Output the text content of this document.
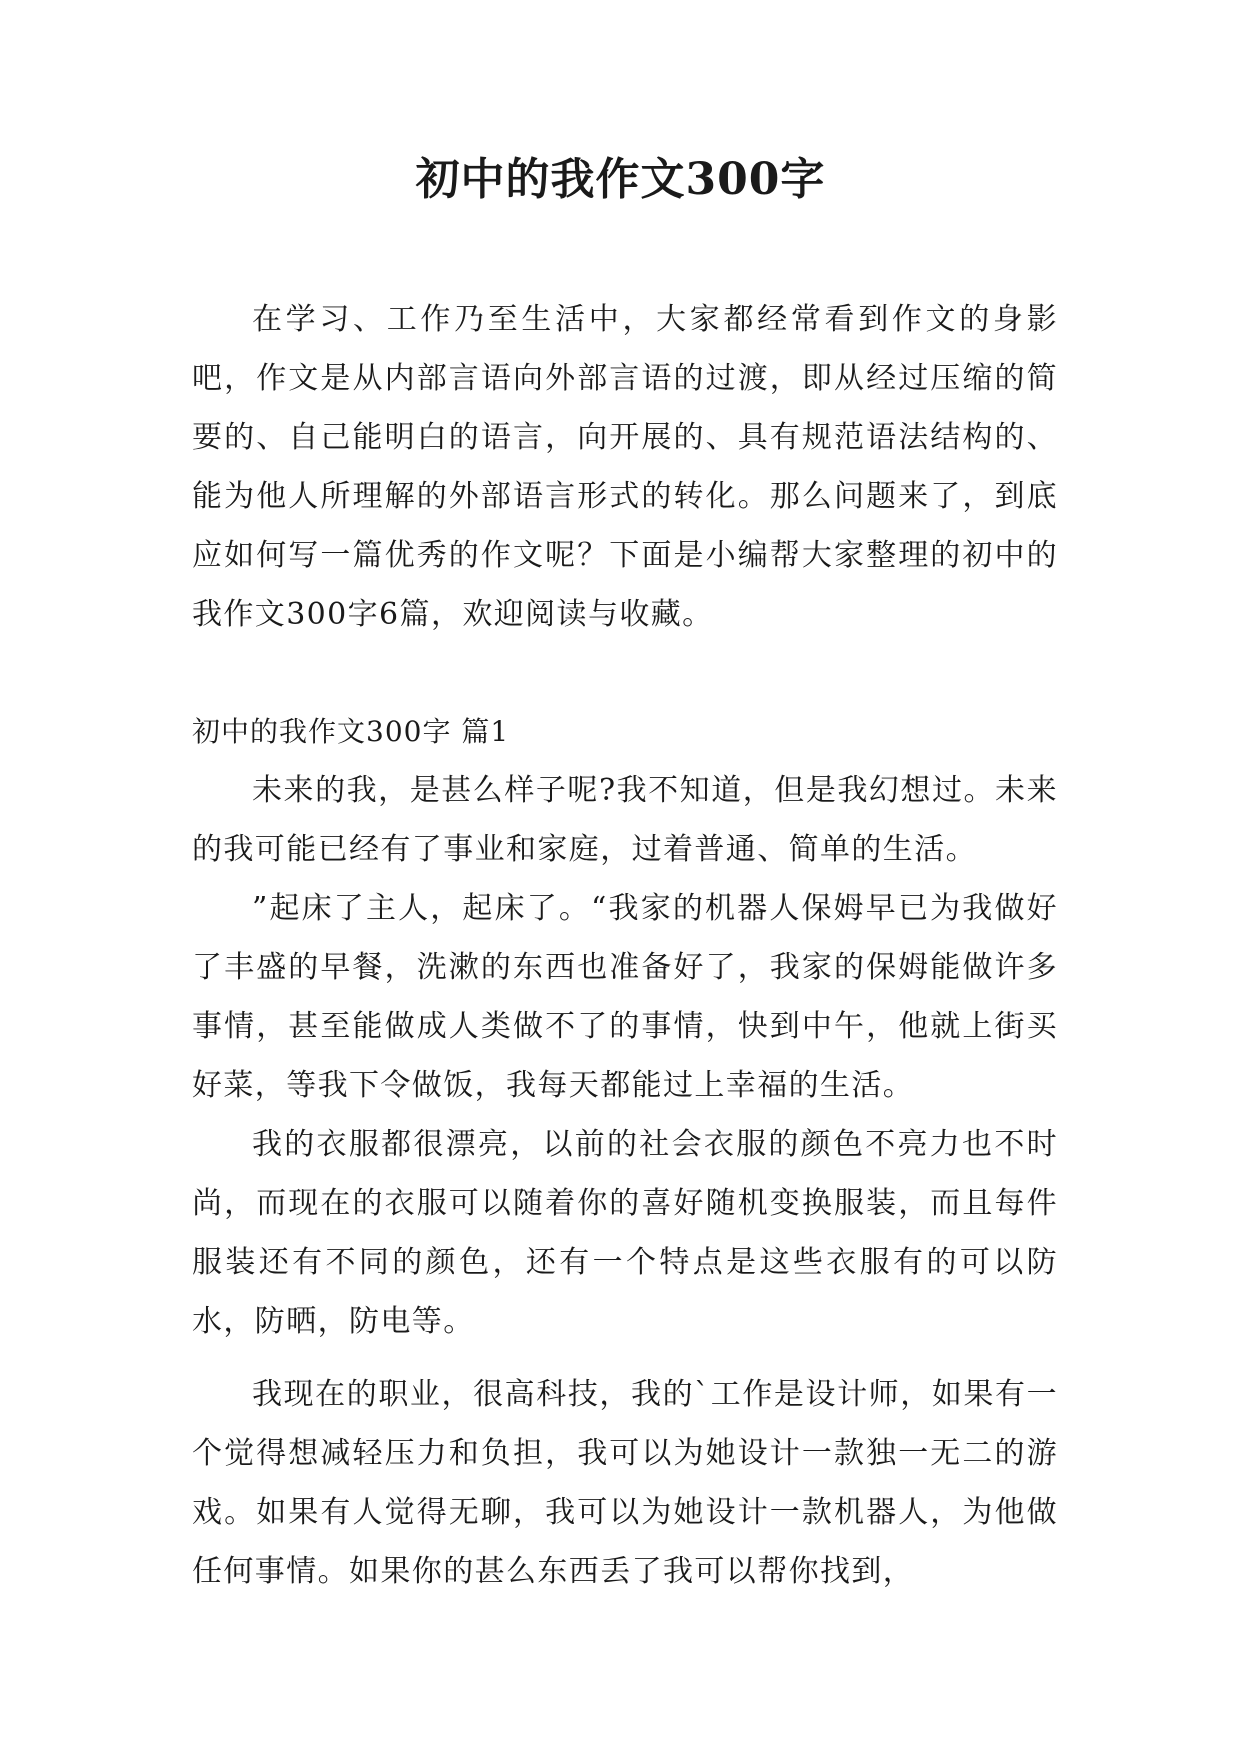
初中的我作文300字

在学习、工作乃至生活中，大家都经常看到作文的身影吧，作文是从内部言语向外部言语的过渡，即从经过压缩的简要的、自己能明白的语言，向开展的、具有规范语法结构的、能为他人所理解的外部语言形式的转化。那么问题来了，到底应如何写一篇优秀的作文呢？下面是小编帮大家整理的初中的我作文300字6篇，欢迎阅读与收藏。

初中的我作文300字 篇1

未来的我，是甚么样子呢?我不知道，但是我幻想过。未来的我可能已经有了事业和家庭，过着普通、简单的生活。

”起床了主人，起床了。“我家的机器人保姆早已为我做好了丰盛的早餐，洗漱的东西也准备好了，我家的保姆能做许多事情，甚至能做成人类做不了的事情，快到中午，他就上街买好菜，等我下令做饭，我每天都能过上幸福的生活。

我的衣服都很漂亮，以前的社会衣服的颜色不亮力也不时尚，而现在的衣服可以随着你的喜好随机变换服装，而且每件服装还有不同的颜色，还有一个特点是这些衣服有的可以防水，防晒，防电等。

我现在的职业，很高科技，我的`工作是设计师，如果有一个觉得想减轻压力和负担，我可以为她设计一款独一无二的游戏。如果有人觉得无聊，我可以为她设计一款机器人，为他做任何事情。如果你的甚么东西丢了我可以帮你找到，
